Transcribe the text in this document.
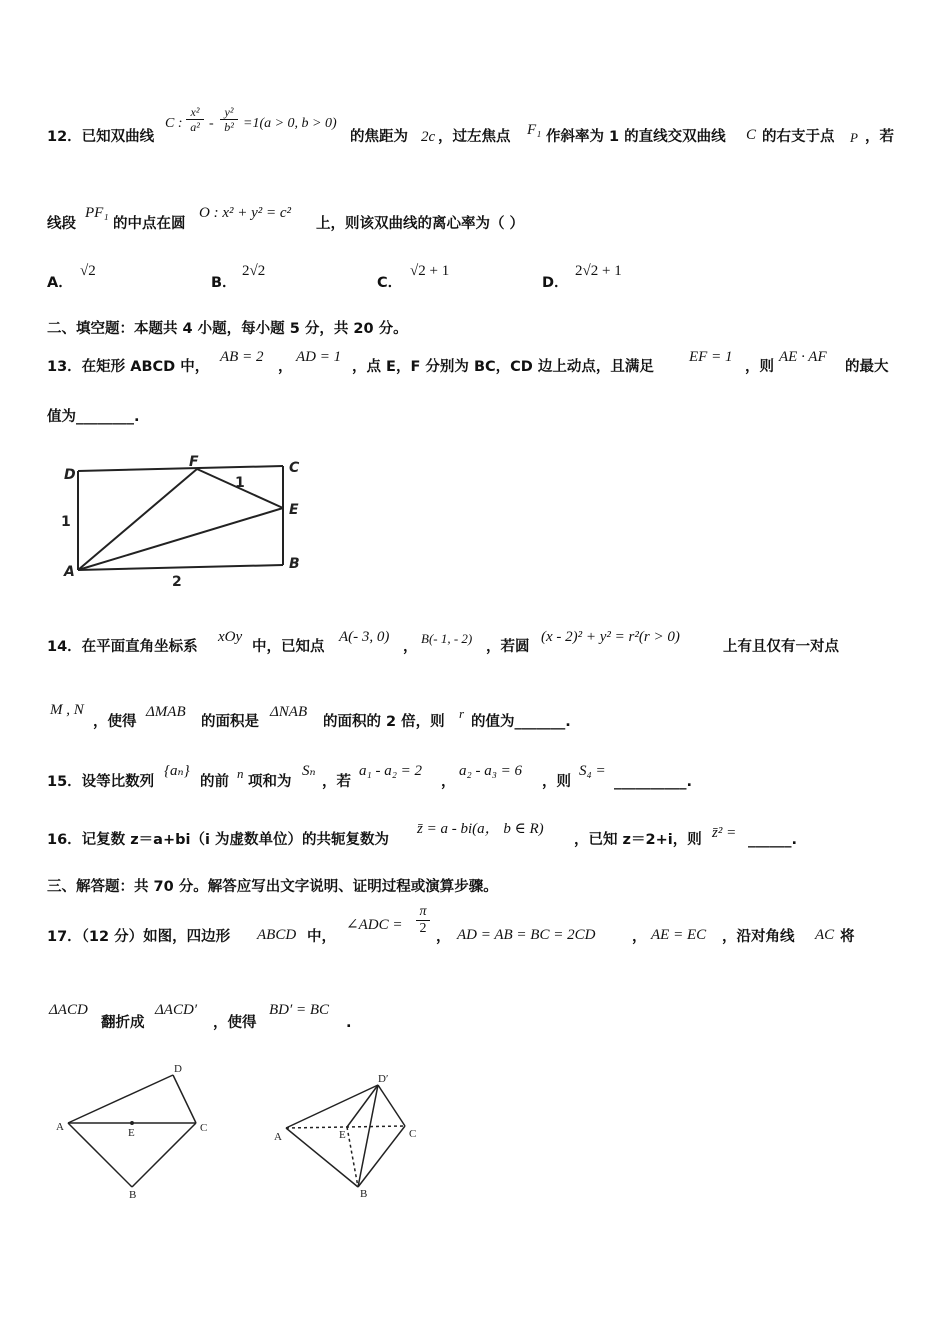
12．已知双曲线
C :
x²
a² -
y²
b² =1(a > 0, b > 0)
的焦距为 2c ，过左焦点 F₁ 作斜率为 1 的直线交双曲线 C 的右支于点 P ，若
线段
PF₁
的中点在圆
O : x² + y² = c²
上，则该双曲线的离心率为（ ）
A．
√2
B．
2√2
C．
√2 + 1
D．
2√2 + 1
二、填空题：本题共 4 小题，每小题 5 分，共 20 分。
13．在矩形 ABCD 中，
AB = 2
，
AD = 1
，点 E，F 分别为 BC，CD 边上动点，且满足
EF = 1
，则
AE · AF
的最大
值为________.
D
F	C
E
A	B
1
1
2
14．在平面直角坐标系
xOy
中，已知点
A(- 3, 0)
，
B(- 1, - 2)
，若圆
(x - 2)² + y² = r²(r > 0)
上有且仅有一对点
M , N
，使得
ΔMAB
的面积是
ΔNAB
的面积的 2 倍，则
r
的值为_______.
15．设等比数列
{aₙ}
的前
n
项和为
Sₙ
，若
a₁ - a₂ = 2
，
a₂ - a₃ = 6
，则
S₄ =
__________.
16．记复数 z＝a+bi（i 为虚数单位）的共轭复数为
z̄ = a - bi(a， b ∈ R)
，已知 z＝2+i，则 z̄² = ______.
三、解答题：共 70 分。解答应写出文字说明、证明过程或演算步骤。
17．（12 分）如图，四边形 ABCD 中，
∠ADC =
π
2
， AD = AB = BC = 2CD	， AE = EC ，沿对角线 AC 将
ΔACD
翻折成
ΔACD′
，使得
BD′ = BC
.
A
D
C
E
B
A
D′
C
E
B
